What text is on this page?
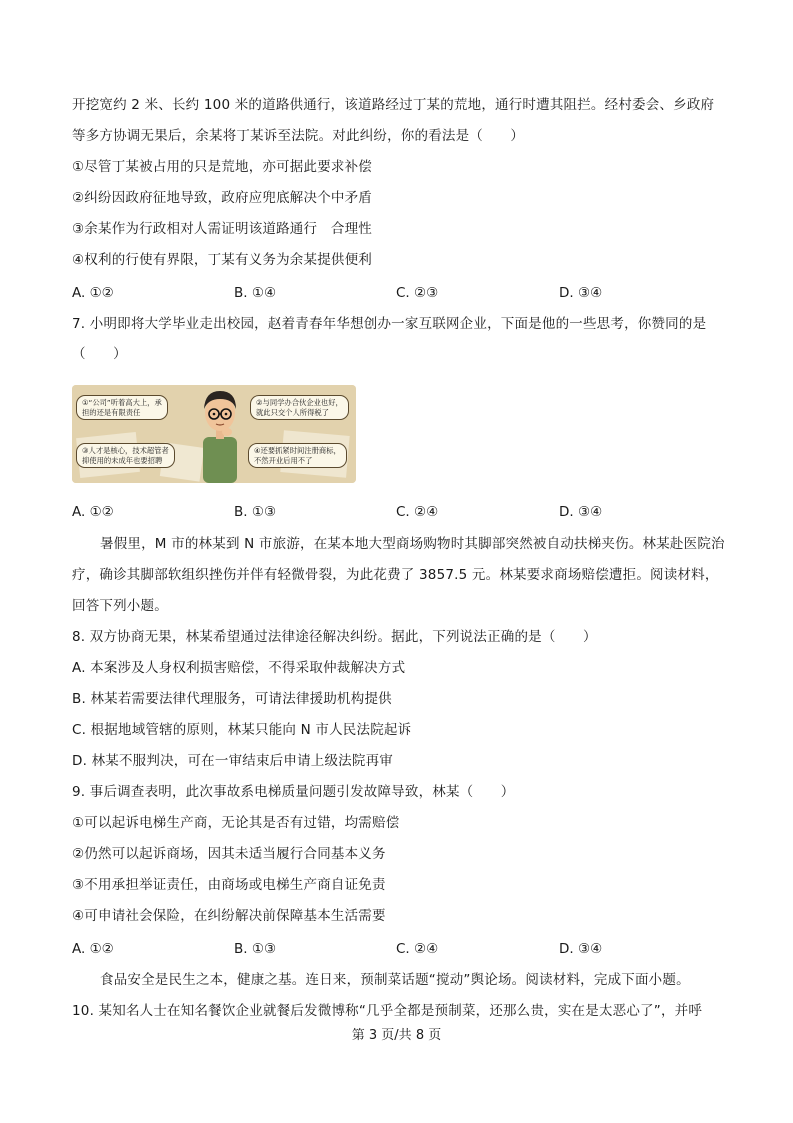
开挖宽约 2 米、长约 100 米的道路供通行，该道路经过丁某的荒地，通行时遭其阻拦。经村委会、乡政府
等多方协调无果后，余某将丁某诉至法院。对此纠纷，你的看法是（　　）
①尽管丁某被占用的只是荒地，亦可据此要求补偿
②纠纷因政府征地导致，政府应兜底解决个中矛盾
③余某作为行政相对人需证明该道路通行　合理性
④权利的行使有界限，丁某有义务为余某提供便利
A. ①②	B. ①④	C. ②③	D. ③④
7. 小明即将大学毕业走出校园，赵着青春年华想创办一家互联网企业，下面是他的一些思考，你赞同的是
（　　）
①“公司”听着高大上，承
担的还是有限责任
②与同学办合伙企业也好，
就此只交个人所得税了
③人才是核心，技术超管者
抑使用的未成年也要招聘
④还要抓紧时间注册商标，
不然开业后用不了
A. ①②	B. ①③	C. ②④	D. ③④
暑假里，M 市的林某到 N 市旅游，在某本地大型商场购物时其脚部突然被自动扶梯夹伤。林某赴医院治
疗，确诊其脚部软组织挫伤并伴有轻微骨裂，为此花费了 3857.5 元。林某要求商场赔偿遭拒。阅读材料，
回答下列小题。
8. 双方协商无果，林某希望通过法律途径解决纠纷。据此，下列说法正确的是（　　）
A. 本案涉及人身权利损害赔偿，不得采取仲裁解决方式
B. 林某若需要法律代理服务，可请法律援助机构提供
C. 根据地域管辖的原则，林某只能向 N 市人民法院起诉
D. 林某不服判决，可在一审结束后申请上级法院再审
9. 事后调查表明，此次事故系电梯质量问题引发故障导致，林某（　　）
①可以起诉电梯生产商，无论其是否有过错，均需赔偿
②仍然可以起诉商场，因其未适当履行合同基本义务
③不用承担举证责任，由商场或电梯生产商自证免责
④可申请社会保险，在纠纷解决前保障基本生活需要
A. ①②	B. ①③	C. ②④	D. ③④
食品安全是民生之本，健康之基。连日来，预制菜话题“搅动”舆论场。阅读材料，完成下面小题。
10. 某知名人士在知名餐饮企业就餐后发微博称“几乎全都是预制菜，还那么贵，实在是太恶心了”，并呼
第 3 页/共 8 页
